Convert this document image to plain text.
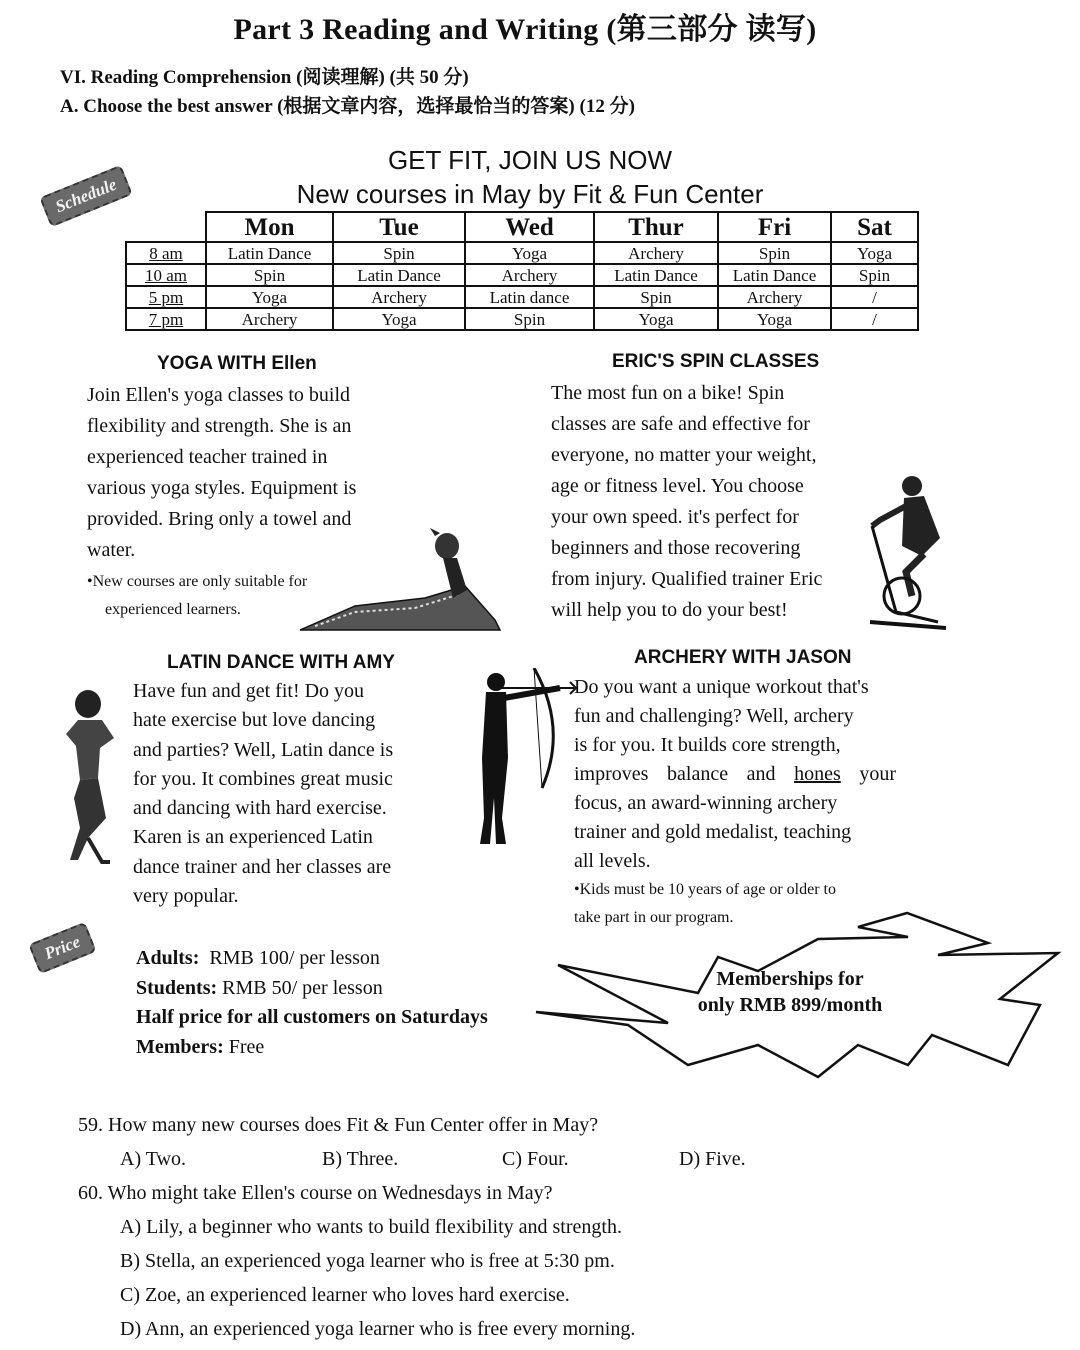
Part 3 Reading and Writing (第三部分 读写)
VI. Reading Comprehension (阅读理解) (共 50 分)
A. Choose the best answer (根据文章内容，选择最恰当的答案) (12 分)
GET FIT, JOIN US NOW
New courses in May by Fit & Fun Center
Schedule
	Mon	Tue	Wed	Thur	Fri	Sat
8 am	Latin Dance	Spin	Yoga	Archery	Spin	Yoga
10 am	Spin	Latin Dance	Archery	Latin Dance	Latin Dance	Spin
5 pm	Yoga	Archery	Latin dance	Spin	Archery	/
7 pm	Archery	Yoga	Spin	Yoga	Yoga	/
YOGA WITH Ellen
Join Ellen's yoga classes to build
flexibility and strength. She is an
experienced teacher trained in
various yoga styles. Equipment is
provided. Bring only a towel and
water.
•New courses are only suitable for
experienced learners.
ERIC'S SPIN CLASSES
The most fun on a bike! Spin
classes are safe and effective for
everyone, no matter your weight,
age or fitness level. You choose
your own speed. it's perfect for
beginners and those recovering
from injury. Qualified trainer Eric
will help you to do your best!
LATIN DANCE WITH AMY
Have fun and get fit! Do you
hate exercise but love dancing
and parties? Well, Latin dance is
for you. It combines great music
and dancing with hard exercise.
Karen is an experienced Latin
dance trainer and her classes are
very popular.
ARCHERY WITH JASON
Do you want a unique workout that's
fun and challenging? Well, archery
is for you. It builds core strength,
improves balance and hones your
focus, an award-winning archery
trainer and gold medalist, teaching
all levels.
•Kids must be 10 years of age or older to
take part in our program.
Price	Adults: RMB 100/ per lesson
Students: RMB 50/ per lesson
Half price for all customers on Saturdays
Members: Free
Memberships for
only RMB 899/month
59. How many new courses does Fit & Fun Center offer in May?
A) Two.	B) Three.	C) Four.	D) Five.
60. Who might take Ellen's course on Wednesdays in May?
A) Lily, a beginner who wants to build flexibility and strength.
B) Stella, an experienced yoga learner who is free at 5:30 pm.
C) Zoe, an experienced learner who loves hard exercise.
D) Ann, an experienced yoga learner who is free every morning.
